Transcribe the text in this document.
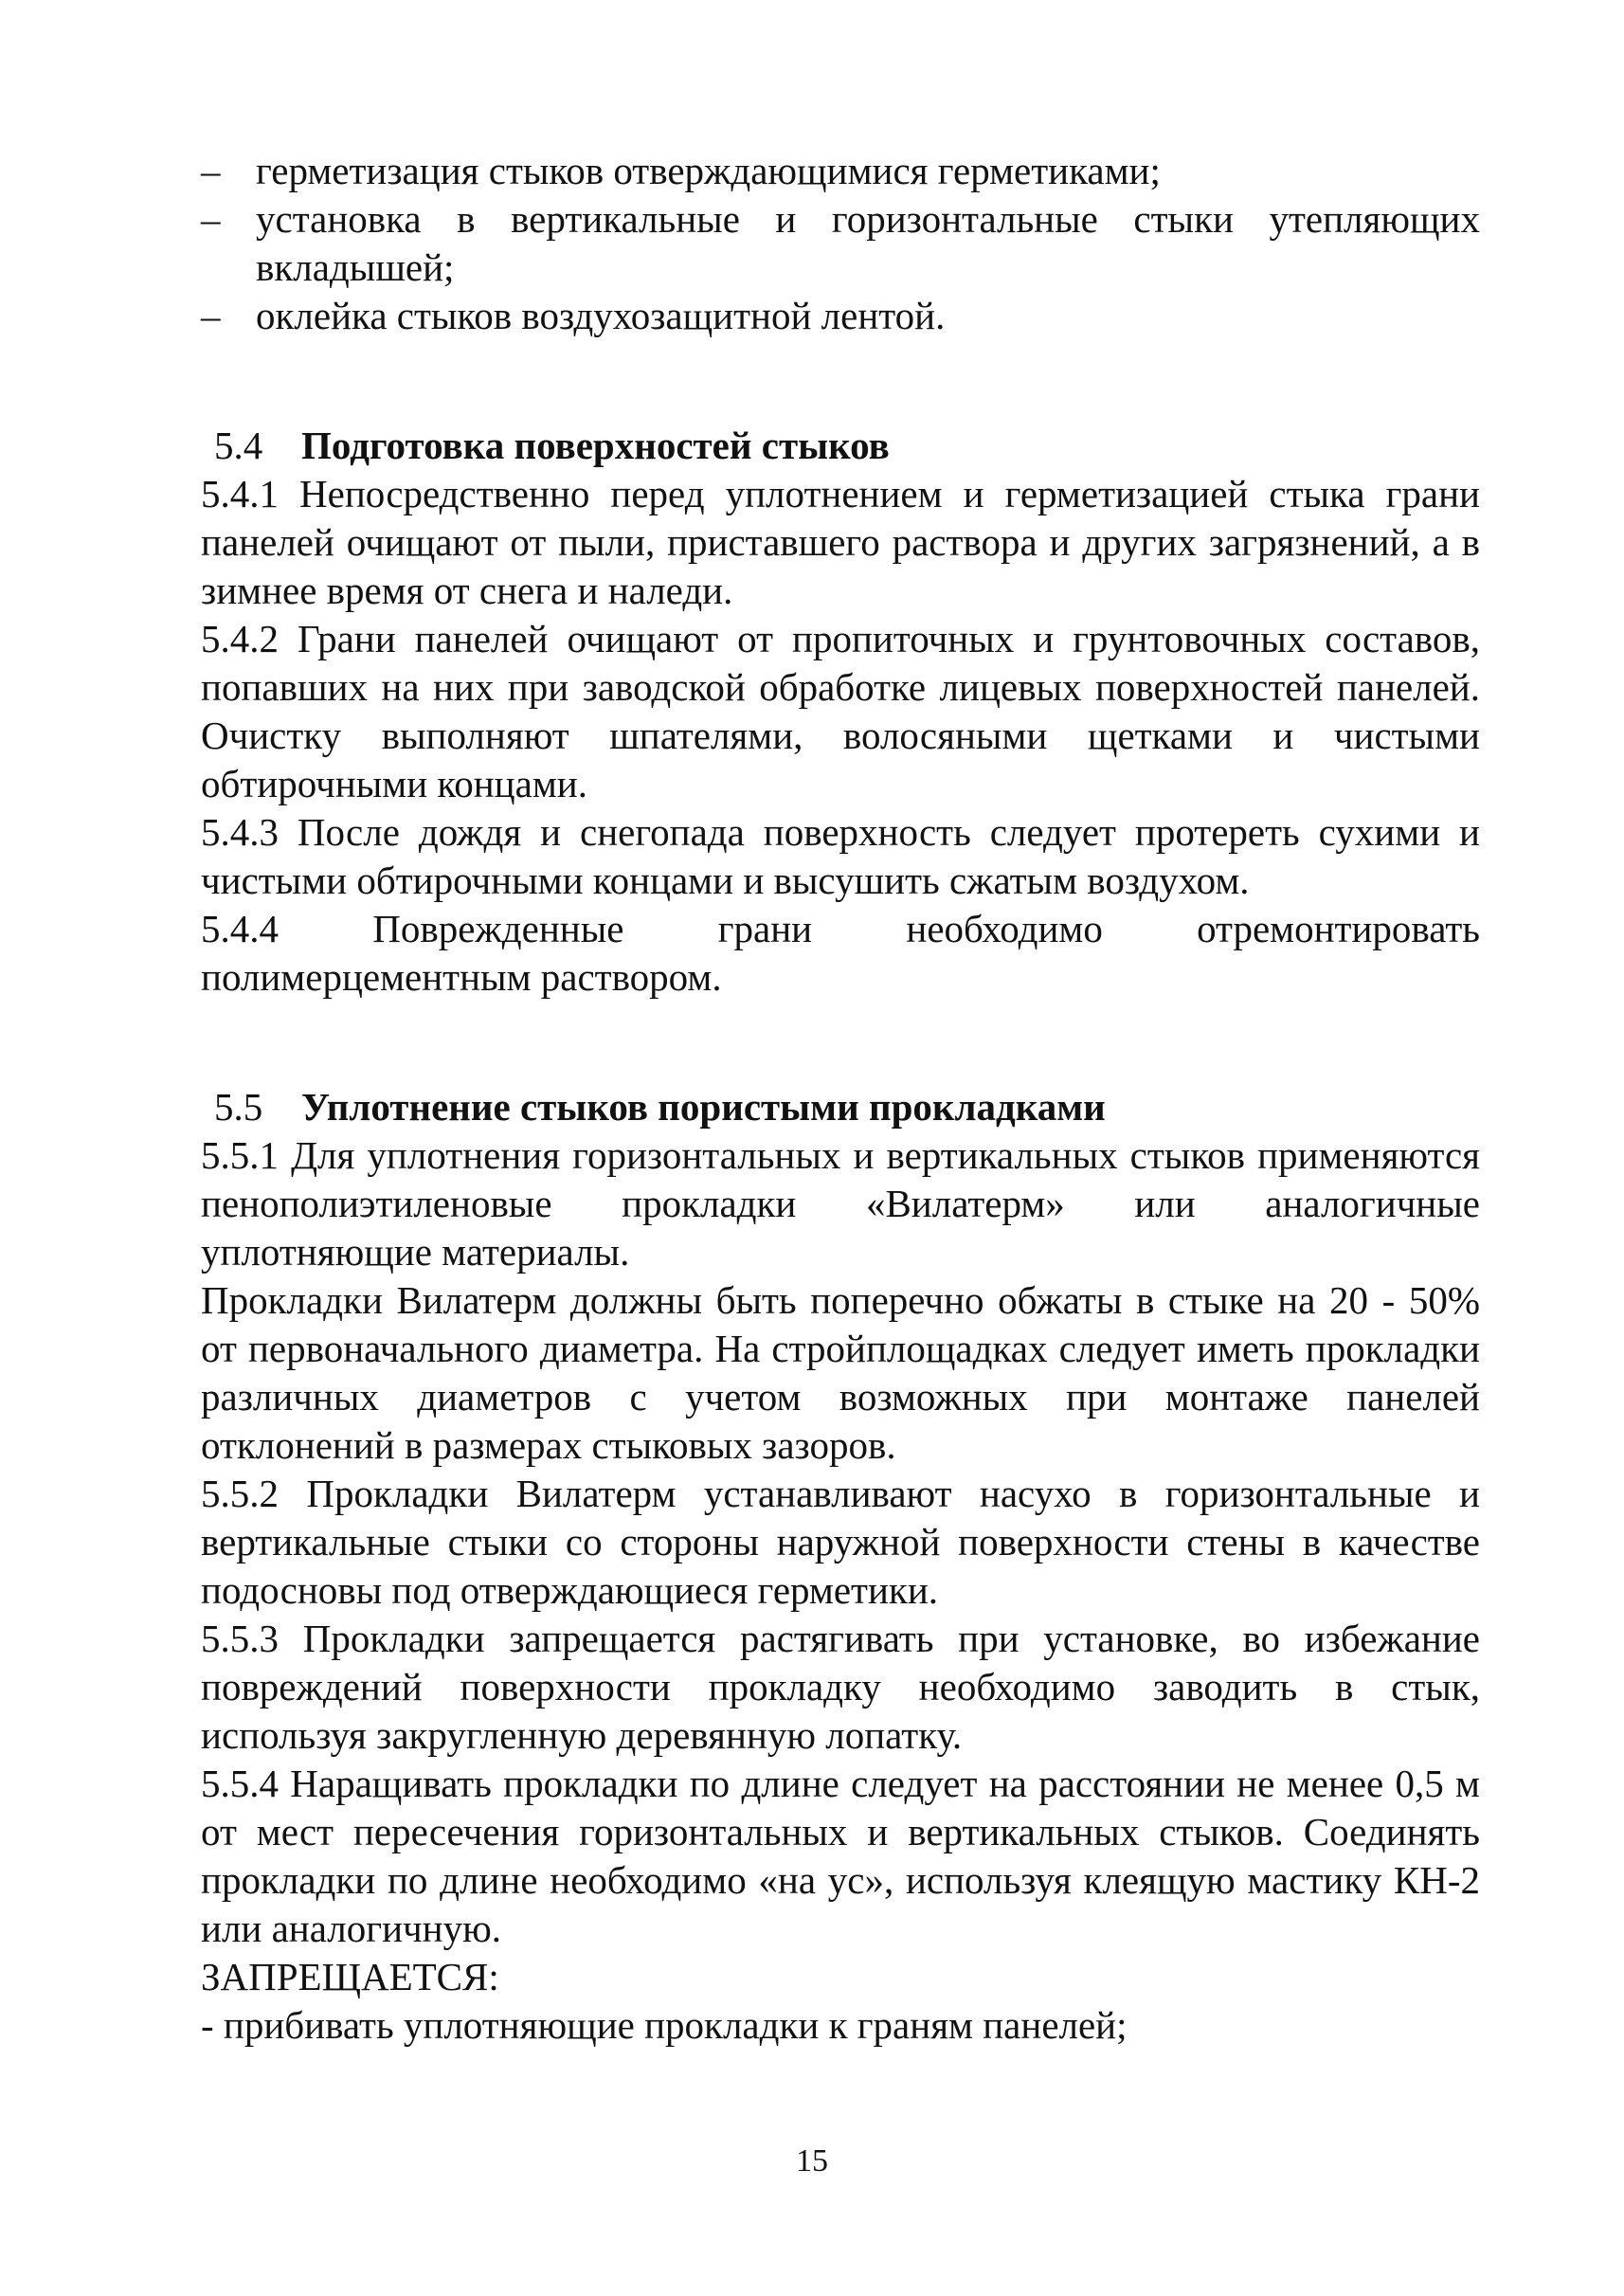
– герметизация стыков отверждающимися герметиками;
– установка в вертикальные и горизонтальные стыки утепляющих вкладышей;
– оклейка стыков воздухозащитной лентой.
5.4 Подготовка поверхностей стыков

5.4.1 Непосредственно перед уплотнением и герметизацией стыка грани панелей очищают от пыли, приставшего раствора и других загрязнений, а в зимнее время от снега и наледи.

5.4.2 Грани панелей очищают от пропиточных и грунтовочных составов, попавших на них при заводской обработке лицевых поверхностей панелей. Очистку выполняют шпателями, волосяными щетками и чистыми обтирочными концами.

5.4.3 После дождя и снегопада поверхность следует протереть сухими и чистыми обтирочными концами и высушить сжатым воздухом.

5.4.4 Поврежденные грани необходимо отремонтировать полимерцементным раствором.

5.5 Уплотнение стыков пористыми прокладками

5.5.1 Для уплотнения горизонтальных и вертикальных стыков применяются пенополиэтиленовые прокладки «Вилатерм» или аналогичные уплотняющие материалы.

Прокладки Вилатерм должны быть поперечно обжаты в стыке на 20 - 50% от первоначального диаметра. На стройплощадках следует иметь прокладки различных диаметров с учетом возможных при монтаже панелей отклонений в размерах стыковых зазоров.

5.5.2 Прокладки Вилатерм устанавливают насухо в горизонтальные и вертикальные стыки со стороны наружной поверхности стены в качестве подосновы под отверждающиеся герметики.

5.5.3 Прокладки запрещается растягивать при установке, во избежание повреждений поверхности прокладку необходимо заводить в стык, используя закругленную деревянную лопатку.

5.5.4 Наращивать прокладки по длине следует на расстоянии не менее 0,5 м от мест пересечения горизонтальных и вертикальных стыков. Соединять прокладки по длине необходимо «на ус», используя клеящую мастику КН-2 или аналогичную.

ЗАПРЕЩАЕТСЯ:

- прибивать уплотняющие прокладки к граням панелей;

15
